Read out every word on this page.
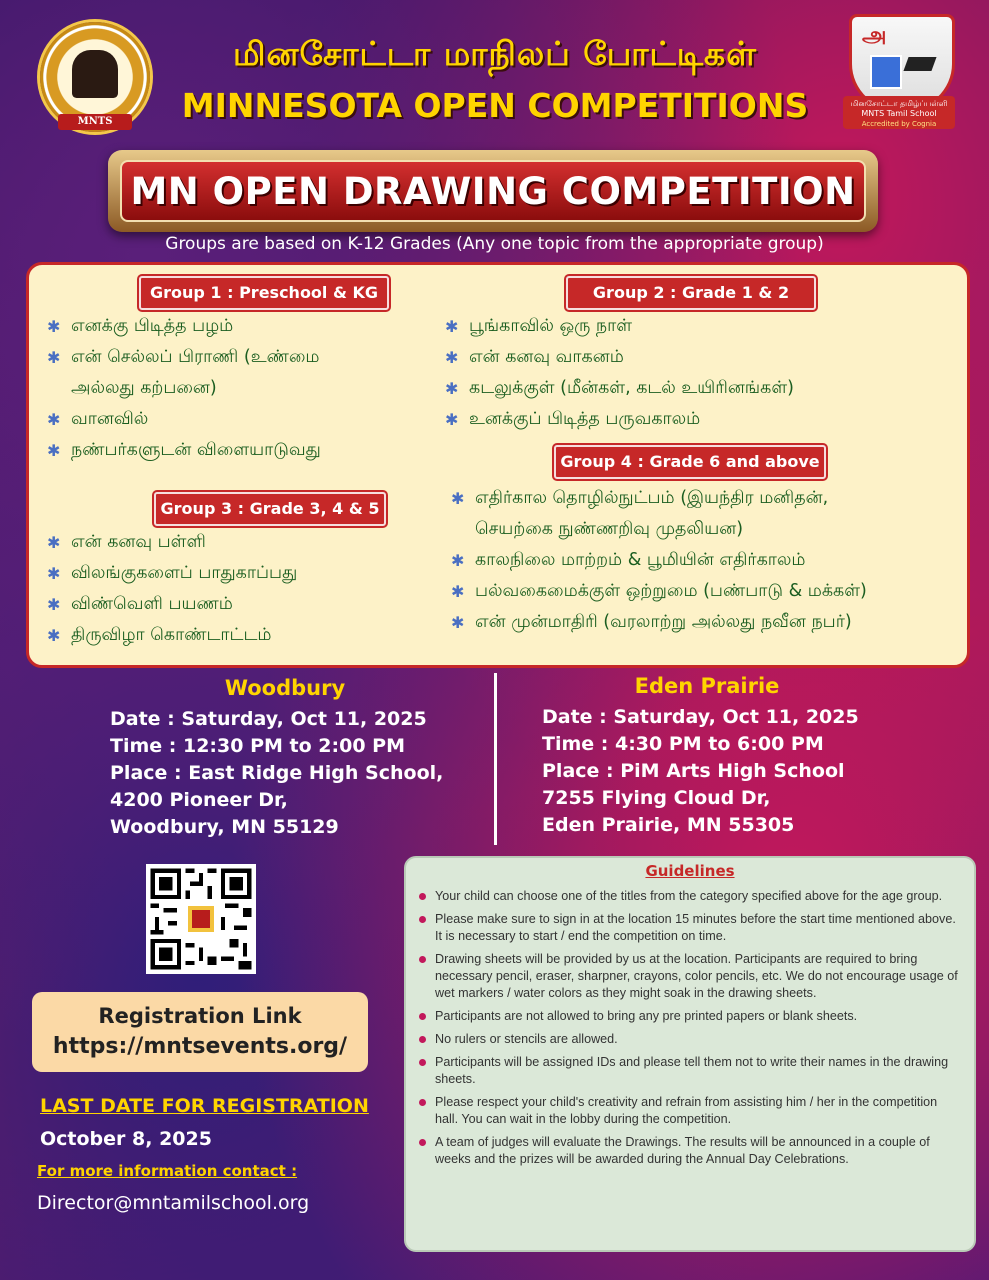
MNTS
அ
மினசோட்டா தமிழ்ப்பள்ளி MNTS Tamil School
Accredited by Cognia
மினசோட்டா மாநிலப் போட்டிகள்
MINNESOTA OPEN COMPETITIONS
MN OPEN DRAWING COMPETITION
Groups are based on K-12 Grades (Any one topic from the appropriate group)
Group 1 : Preschool & KG
✱ எனக்கு பிடித்த பழம்
✱ என் செல்லப் பிராணி (உண்மை
அல்லது கற்பனை)
✱ வானவில்
✱ நண்பர்களுடன் விளையாடுவது
Group 2 : Grade 1 & 2
✱ பூங்காவில் ஒரு நாள்
✱ என் கனவு வாகனம்
✱ கடலுக்குள் (மீன்கள், கடல் உயிரினங்கள்)
✱ உனக்குப் பிடித்த பருவகாலம்
Group 3 : Grade 3, 4 & 5
✱ என் கனவு பள்ளி
✱ விலங்குகளைப் பாதுகாப்பது
✱ விண்வெளி பயணம்
✱ திருவிழா கொண்டாட்டம்
Group 4 : Grade 6 and above
✱ எதிர்கால தொழில்நுட்பம் (இயந்திர மனிதன்,
செயற்கை நுண்ணறிவு முதலியன)
✱ காலநிலை மாற்றம் & பூமியின் எதிர்காலம்
✱ பல்வகைமைக்குள் ஒற்றுமை (பண்பாடு & மக்கள்)
✱ என் முன்மாதிரி (வரலாற்று அல்லது நவீன நபர்)
Woodbury
Date : Saturday, Oct 11, 2025
Time : 12:30 PM to 2:00 PM
Place : East Ridge High School,
4200 Pioneer Dr,
Woodbury, MN 55129
Eden Prairie
Date : Saturday, Oct 11, 2025
Time : 4:30 PM to 6:00 PM
Place : PiM Arts High School
7255 Flying Cloud Dr,
Eden Prairie, MN 55305
Registration Link
https://mntsevents.org/
LAST DATE FOR REGISTRATION
October 8, 2025
For more information contact :
Director@mntamilschool.org
Guidelines
Your child can choose one of the titles from the category specified above for the age group.
Please make sure to sign in at the location 15 minutes before the start time mentioned above. It is necessary to start / end the competition on time.
Drawing sheets will be provided by us at the location. Participants are required to bring necessary pencil, eraser, sharpner, crayons, color pencils, etc. We do not encourage usage of wet markers / water colors as they might soak in the drawing sheets.
Participants are not allowed to bring any pre printed papers or blank sheets.
No rulers or stencils are allowed.
Participants will be assigned IDs and please tell them not to write their names in the drawing sheets.
Please respect your child's creativity and refrain from assisting him / her in the competition hall. You can wait in the lobby during the competition.
A team of judges will evaluate the Drawings. The results will be announced in a couple of weeks and the prizes will be awarded during the Annual Day Celebrations.
